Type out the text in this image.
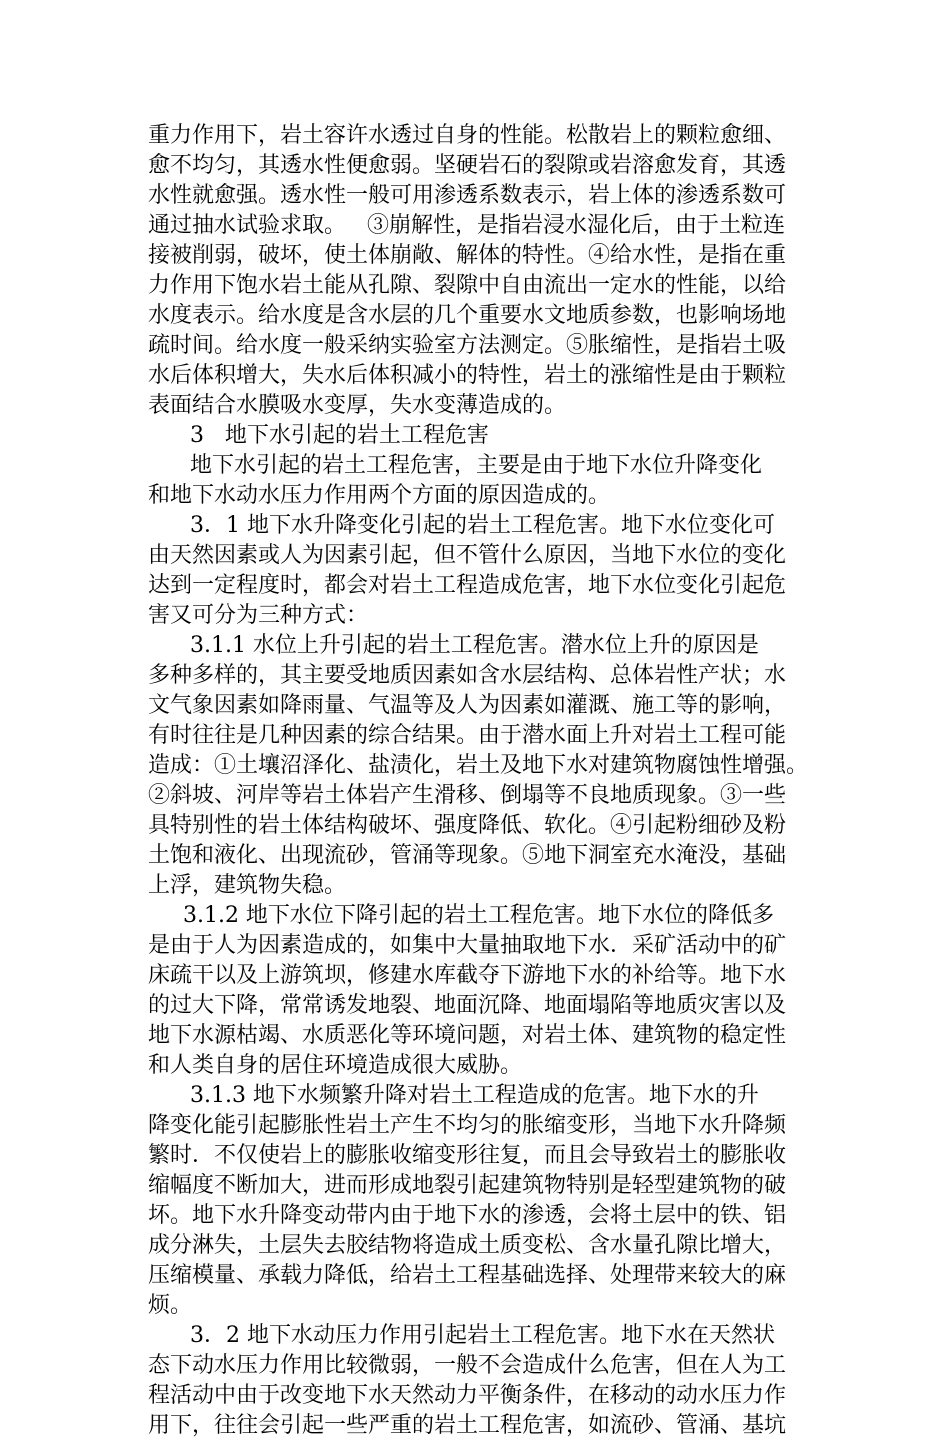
重力作用下，岩土容许水透过自身的性能。松散岩上的颗粒愈细、
愈不均匀，其透水性便愈弱。坚硬岩石的裂隙或岩溶愈发育，其透
水性就愈强。透水性一般可用渗透系数表示，岩上体的渗透系数可
通过抽水试验求取。   ③崩解性，是指岩浸水湿化后，由于土粒连
接被削弱，破坏，使土体崩敞、解体的特性。④给水性，是指在重
力作用下饱水岩土能从孔隙、裂隙中自由流出一定水的性能，以给
水度表示。给水度是含水层的几个重要水文地质参数，也影响场地
疏时间。给水度一般采纳实验室方法测定。⑤胀缩性，是指岩土吸
水后体积增大，失水后体积减小的特性，岩土的涨缩性是由于颗粒
表面结合水膜吸水变厚，失水变薄造成的。
3   地下水引起的岩土工程危害
地下水引起的岩土工程危害，主要是由于地下水位升降变化
和地下水动水压力作用两个方面的原因造成的。
3．1 地下水升降变化引起的岩土工程危害。地下水位变化可
由天然因素或人为因素引起，但不管什么原因，当地下水位的变化
达到一定程度时，都会对岩土工程造成危害，地下水位变化引起危
害又可分为三种方式：
3.1.1 水位上升引起的岩土工程危害。潜水位上升的原因是
多种多样的，其主要受地质因素如含水层结构、总体岩性产状；水
文气象因素如降雨量、气温等及人为因素如灌溉、施工等的影响，
有时往往是几种因素的综合结果。由于潜水面上升对岩土工程可能
造成：①土壤沼泽化、盐渍化，岩土及地下水对建筑物腐蚀性增强。
②斜坡、河岸等岩土体岩产生滑移、倒塌等不良地质现象。③一些
具特别性的岩土体结构破坏、强度降低、软化。④引起粉细砂及粉
土饱和液化、出现流砂，管涌等现象。⑤地下洞室充水淹没，基础
上浮，建筑物失稳。
3.1.2 地下水位下降引起的岩土工程危害。地下水位的降低多
是由于人为因素造成的，如集中大量抽取地下水．采矿活动中的矿
床疏干以及上游筑坝，修建水库截夺下游地下水的补给等。地下水
的过大下降，常常诱发地裂、地面沉降、地面塌陷等地质灾害以及
地下水源枯竭、水质恶化等环境问题，对岩土体、建筑物的稳定性
和人类自身的居住环境造成很大威胁。
3.1.3 地下水频繁升降对岩土工程造成的危害。地下水的升
降变化能引起膨胀性岩土产生不均匀的胀缩变形，当地下水升降频
繁时．不仅使岩上的膨胀收缩变形往复，而且会导致岩土的膨胀收
缩幅度不断加大，进而形成地裂引起建筑物特别是轻型建筑物的破
坏。地下水升降变动带内由于地下水的渗透，会将土层中的铁、铝
成分淋失，土层失去胶结物将造成土质变松、含水量孔隙比增大，
压缩模量、承载力降低，给岩土工程基础选择、处理带来较大的麻
烦。
3．2 地下水动压力作用引起岩土工程危害。地下水在天然状
态下动水压力作用比较微弱，一般不会造成什么危害，但在人为工
程活动中由于改变地下水天然动力平衡条件，在移动的动水压力作
用下，往往会引起一些严重的岩土工程危害，如流砂、管涌、基坑
